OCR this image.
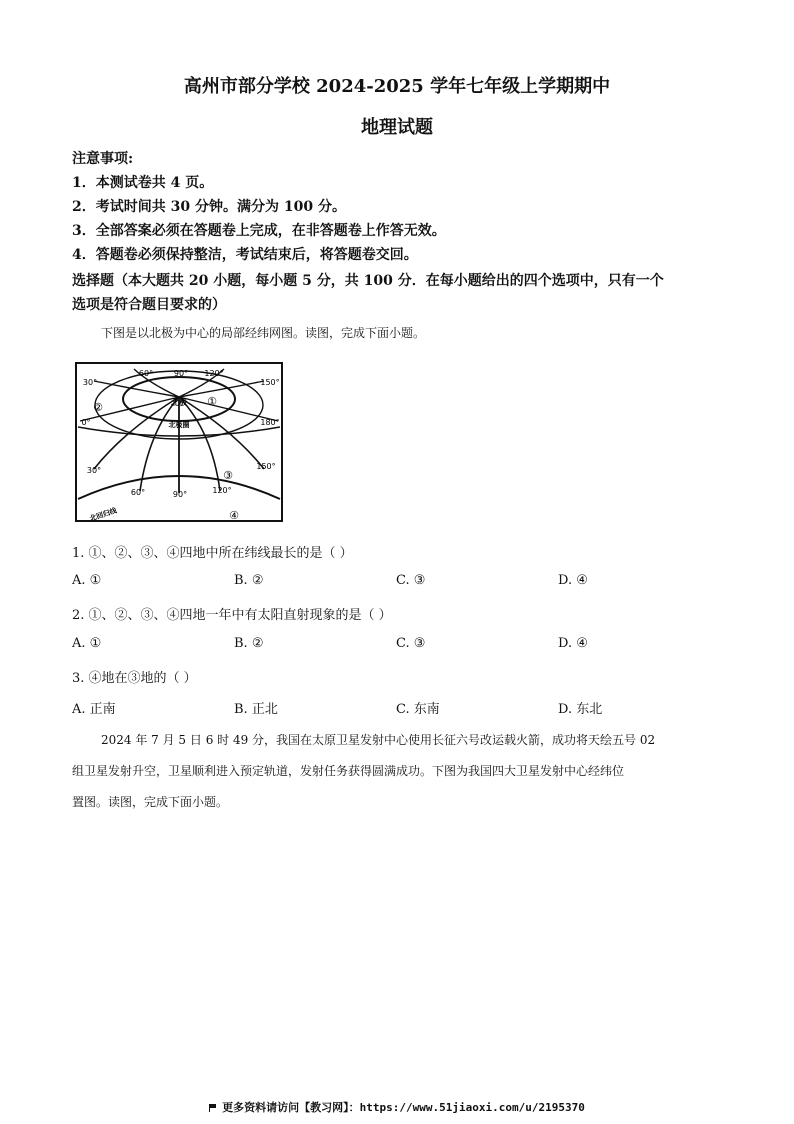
高州市部分学校 2024-2025 学年七年级上学期期中
地理试题
注意事项:
1．本测试卷共 4 页。
2．考试时间共 30 分钟。满分为 100 分。
3．全部答案必须在答题卷上完成，在非答题卷上作答无效。
4．答题卷必须保持整洁，考试结束后，将答题卷交回。
选择题（本大题共 20 小题，每小题 5 分，共 100 分．在每小题给出的四个选项中，只有一个
选项是符合题目要求的）
下图是以北极为中心的局部经纬网图。读图，完成下面小题。
北极
北极圈
北回归线
60°	90° 120°
150°
30°
0°	180°
30°	150°
60°	90°	120°
①
②
③
④
1. ①、②、③、④四地中所在纬线最长的是（ ）
A. ①	B. ②	C. ③	D. ④
2. ①、②、③、④四地一年中有太阳直射现象的是（ ）
A. ①	B. ②	C. ③	D. ④
3. ④地在③地的（ ）
A. 正南	B. 正北	C. 东南	D. 东北
2024 年 7 月 5 日 6 时 49 分，我国在太原卫星发射中心使用长征六号改运载火箭，成功将天绘五号 02
组卫星发射升空，卫星顺利进入预定轨道，发射任务获得圆满成功。下图为我国四大卫星发射中心经纬位
置图。读图，完成下面小题。
更多资料请访问【教习网】：https://www.51jiaoxi.com/u/2195370
